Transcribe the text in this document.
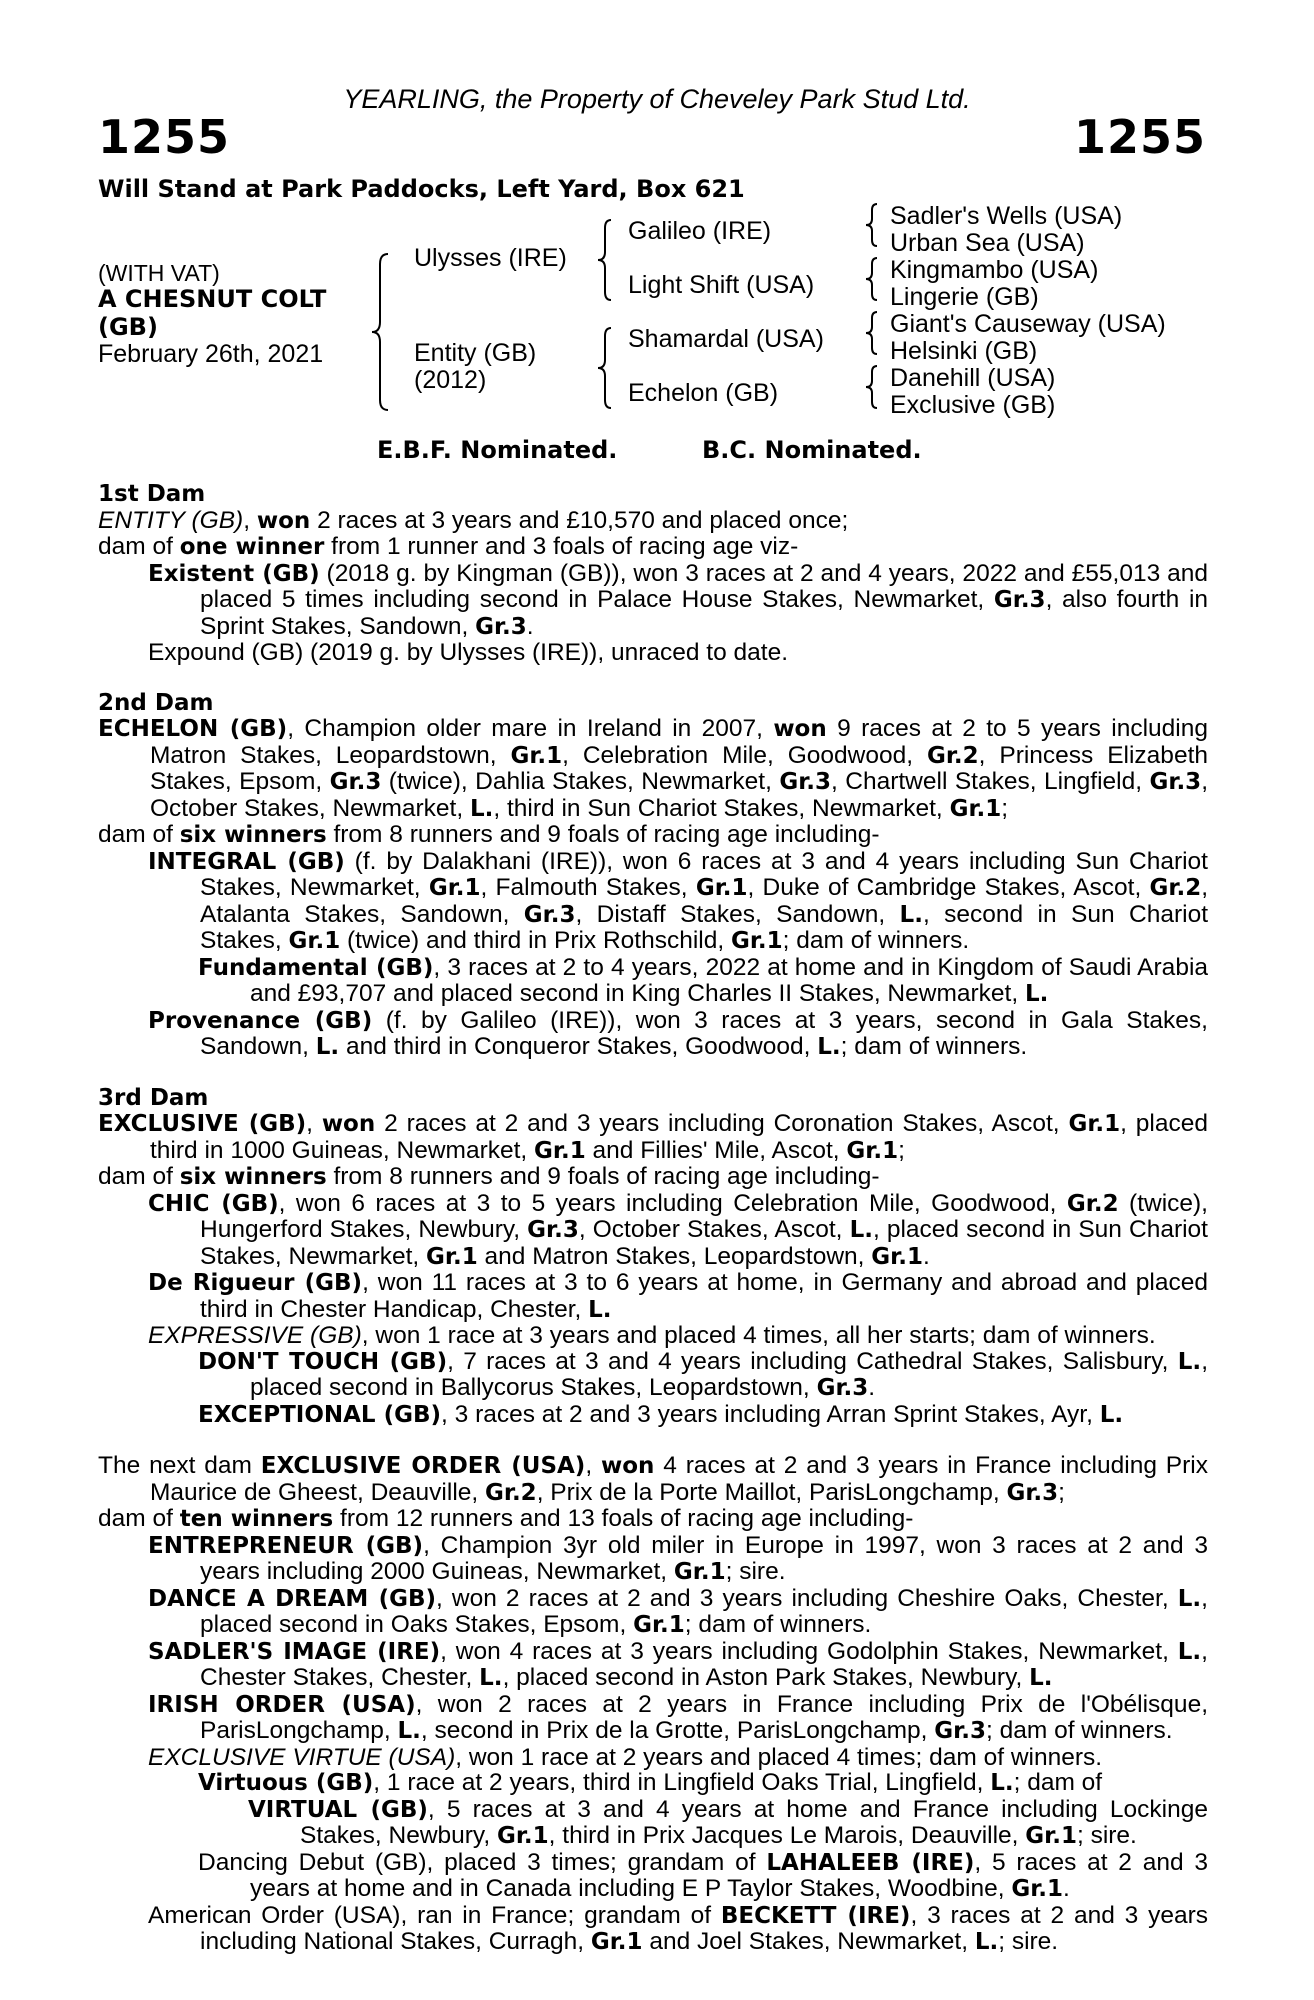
YEARLING, the Property of Cheveley Park Stud Ltd.
1255	1255
Will Stand at Park Paddocks, Left Yard, Box 621
(WITH VAT)
A CHESNUT COLT
(GB)
February 26th, 2021
Ulysses (IRE)
Entity (GB)
(2012)
Galileo (IRE)
Light Shift (USA)
Shamardal (USA)
Echelon (GB)
Sadler's Wells (USA)
Urban Sea (USA)
Kingmambo (USA)
Lingerie (GB)
Giant's Causeway (USA)
Helsinki (GB)
Danehill (USA)
Exclusive (GB)
E.B.F. Nominated.	B.C. Nominated.
1st Dam
ENTITY (GB), won 2 races at 3 years and £10,570 and placed once;
dam of one winner from 1 runner and 3 foals of racing age viz-
Existent (GB) (2018 g. by Kingman (GB)), won 3 races at 2 and 4 years, 2022 and £55,013 and placed 5 times including second in Palace House Stakes, Newmarket, Gr.3, also fourth in Sprint Stakes, Sandown, Gr.3.
Expound (GB) (2019 g. by Ulysses (IRE)), unraced to date.
2nd Dam
ECHELON (GB), Champion older mare in Ireland in 2007, won 9 races at 2 to 5 years including Matron Stakes, Leopardstown, Gr.1, Celebration Mile, Goodwood, Gr.2, Princess Elizabeth Stakes, Epsom, Gr.3 (twice), Dahlia Stakes, Newmarket, Gr.3, Chartwell Stakes, Lingfield, Gr.3, October Stakes, Newmarket, L., third in Sun Chariot Stakes, Newmarket, Gr.1;
dam of six winners from 8 runners and 9 foals of racing age including-
INTEGRAL (GB) (f. by Dalakhani (IRE)), won 6 races at 3 and 4 years including Sun Chariot Stakes, Newmarket, Gr.1, Falmouth Stakes, Gr.1, Duke of Cambridge Stakes, Ascot, Gr.2, Atalanta Stakes, Sandown, Gr.3, Distaff Stakes, Sandown, L., second in Sun Chariot Stakes, Gr.1 (twice) and third in Prix Rothschild, Gr.1; dam of winners.
Fundamental (GB), 3 races at 2 to 4 years, 2022 at home and in Kingdom of Saudi Arabia and £93,707 and placed second in King Charles II Stakes, Newmarket, L.
Provenance (GB) (f. by Galileo (IRE)), won 3 races at 3 years, second in Gala Stakes, Sandown, L. and third in Conqueror Stakes, Goodwood, L.; dam of winners.
3rd Dam
EXCLUSIVE (GB), won 2 races at 2 and 3 years including Coronation Stakes, Ascot, Gr.1, placed third in 1000 Guineas, Newmarket, Gr.1 and Fillies' Mile, Ascot, Gr.1;
dam of six winners from 8 runners and 9 foals of racing age including-
CHIC (GB), won 6 races at 3 to 5 years including Celebration Mile, Goodwood, Gr.2 (twice), Hungerford Stakes, Newbury, Gr.3, October Stakes, Ascot, L., placed second in Sun Chariot Stakes, Newmarket, Gr.1 and Matron Stakes, Leopardstown, Gr.1.
De Rigueur (GB), won 11 races at 3 to 6 years at home, in Germany and abroad and placed third in Chester Handicap, Chester, L.
EXPRESSIVE (GB), won 1 race at 3 years and placed 4 times, all her starts; dam of winners.
DON'T TOUCH (GB), 7 races at 3 and 4 years including Cathedral Stakes, Salisbury, L., placed second in Ballycorus Stakes, Leopardstown, Gr.3.
EXCEPTIONAL (GB), 3 races at 2 and 3 years including Arran Sprint Stakes, Ayr, L.
The next dam EXCLUSIVE ORDER (USA), won 4 races at 2 and 3 years in France including Prix Maurice de Gheest, Deauville, Gr.2, Prix de la Porte Maillot, ParisLongchamp, Gr.3;
dam of ten winners from 12 runners and 13 foals of racing age including-
ENTREPRENEUR (GB), Champion 3yr old miler in Europe in 1997, won 3 races at 2 and 3 years including 2000 Guineas, Newmarket, Gr.1; sire.
DANCE A DREAM (GB), won 2 races at 2 and 3 years including Cheshire Oaks, Chester, L., placed second in Oaks Stakes, Epsom, Gr.1; dam of winners.
SADLER'S IMAGE (IRE), won 4 races at 3 years including Godolphin Stakes, Newmarket, L., Chester Stakes, Chester, L., placed second in Aston Park Stakes, Newbury, L.
IRISH ORDER (USA), won 2 races at 2 years in France including Prix de l'Obélisque, ParisLongchamp, L., second in Prix de la Grotte, ParisLongchamp, Gr.3; dam of winners.
EXCLUSIVE VIRTUE (USA), won 1 race at 2 years and placed 4 times; dam of winners.
Virtuous (GB), 1 race at 2 years, third in Lingfield Oaks Trial, Lingfield, L.; dam of
VIRTUAL (GB), 5 races at 3 and 4 years at home and France including Lockinge Stakes, Newbury, Gr.1, third in Prix Jacques Le Marois, Deauville, Gr.1; sire.
Dancing Debut (GB), placed 3 times; grandam of LAHALEEB (IRE), 5 races at 2 and 3 years at home and in Canada including E P Taylor Stakes, Woodbine, Gr.1.
American Order (USA), ran in France; grandam of BECKETT (IRE), 3 races at 2 and 3 years including National Stakes, Curragh, Gr.1 and Joel Stakes, Newmarket, L.; sire.
